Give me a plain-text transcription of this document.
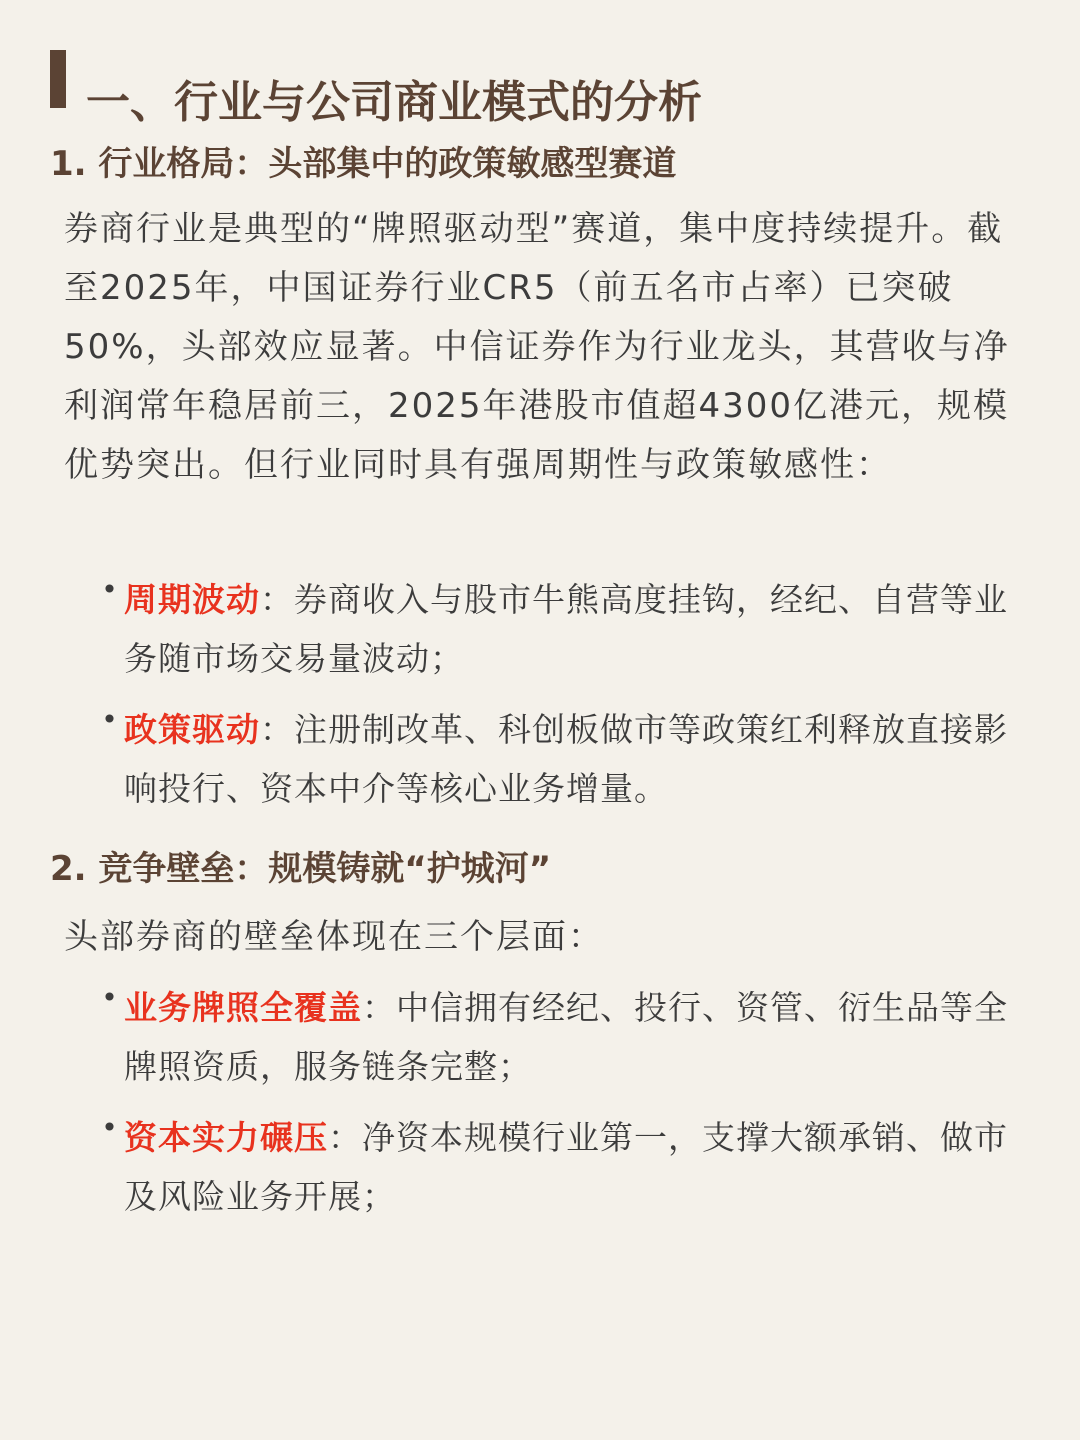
一、行业与公司商业模式的分析
1. 行业格局：头部集中的政策敏感型赛道

券商行业是典型的“牌照驱动型”赛道，集中度持续提升。截至2025年，中国证券行业CR5（前五名市占率）已突破50%，头部效应显著。中信证券作为行业龙头，其营收与净利润常年稳居前三，2025年港股市值超4300亿港元，规模优势突出。但行业同时具有强周期性与政策敏感性：

• 周期波动：券商收入与股市牛熊高度挂钩，经纪、自营等业务随市场交易量波动；
• 政策驱动：注册制改革、科创板做市等政策红利释放直接影响投行、资本中介等核心业务增量。
2. 竞争壁垒：规模铸就“护城河”

头部券商的壁垒体现在三个层面：

• 业务牌照全覆盖：中信拥有经纪、投行、资管、衍生品等全牌照资质，服务链条完整；
• 资本实力碾压：净资本规模行业第一，支撑大额承销、做市及风险业务开展；
